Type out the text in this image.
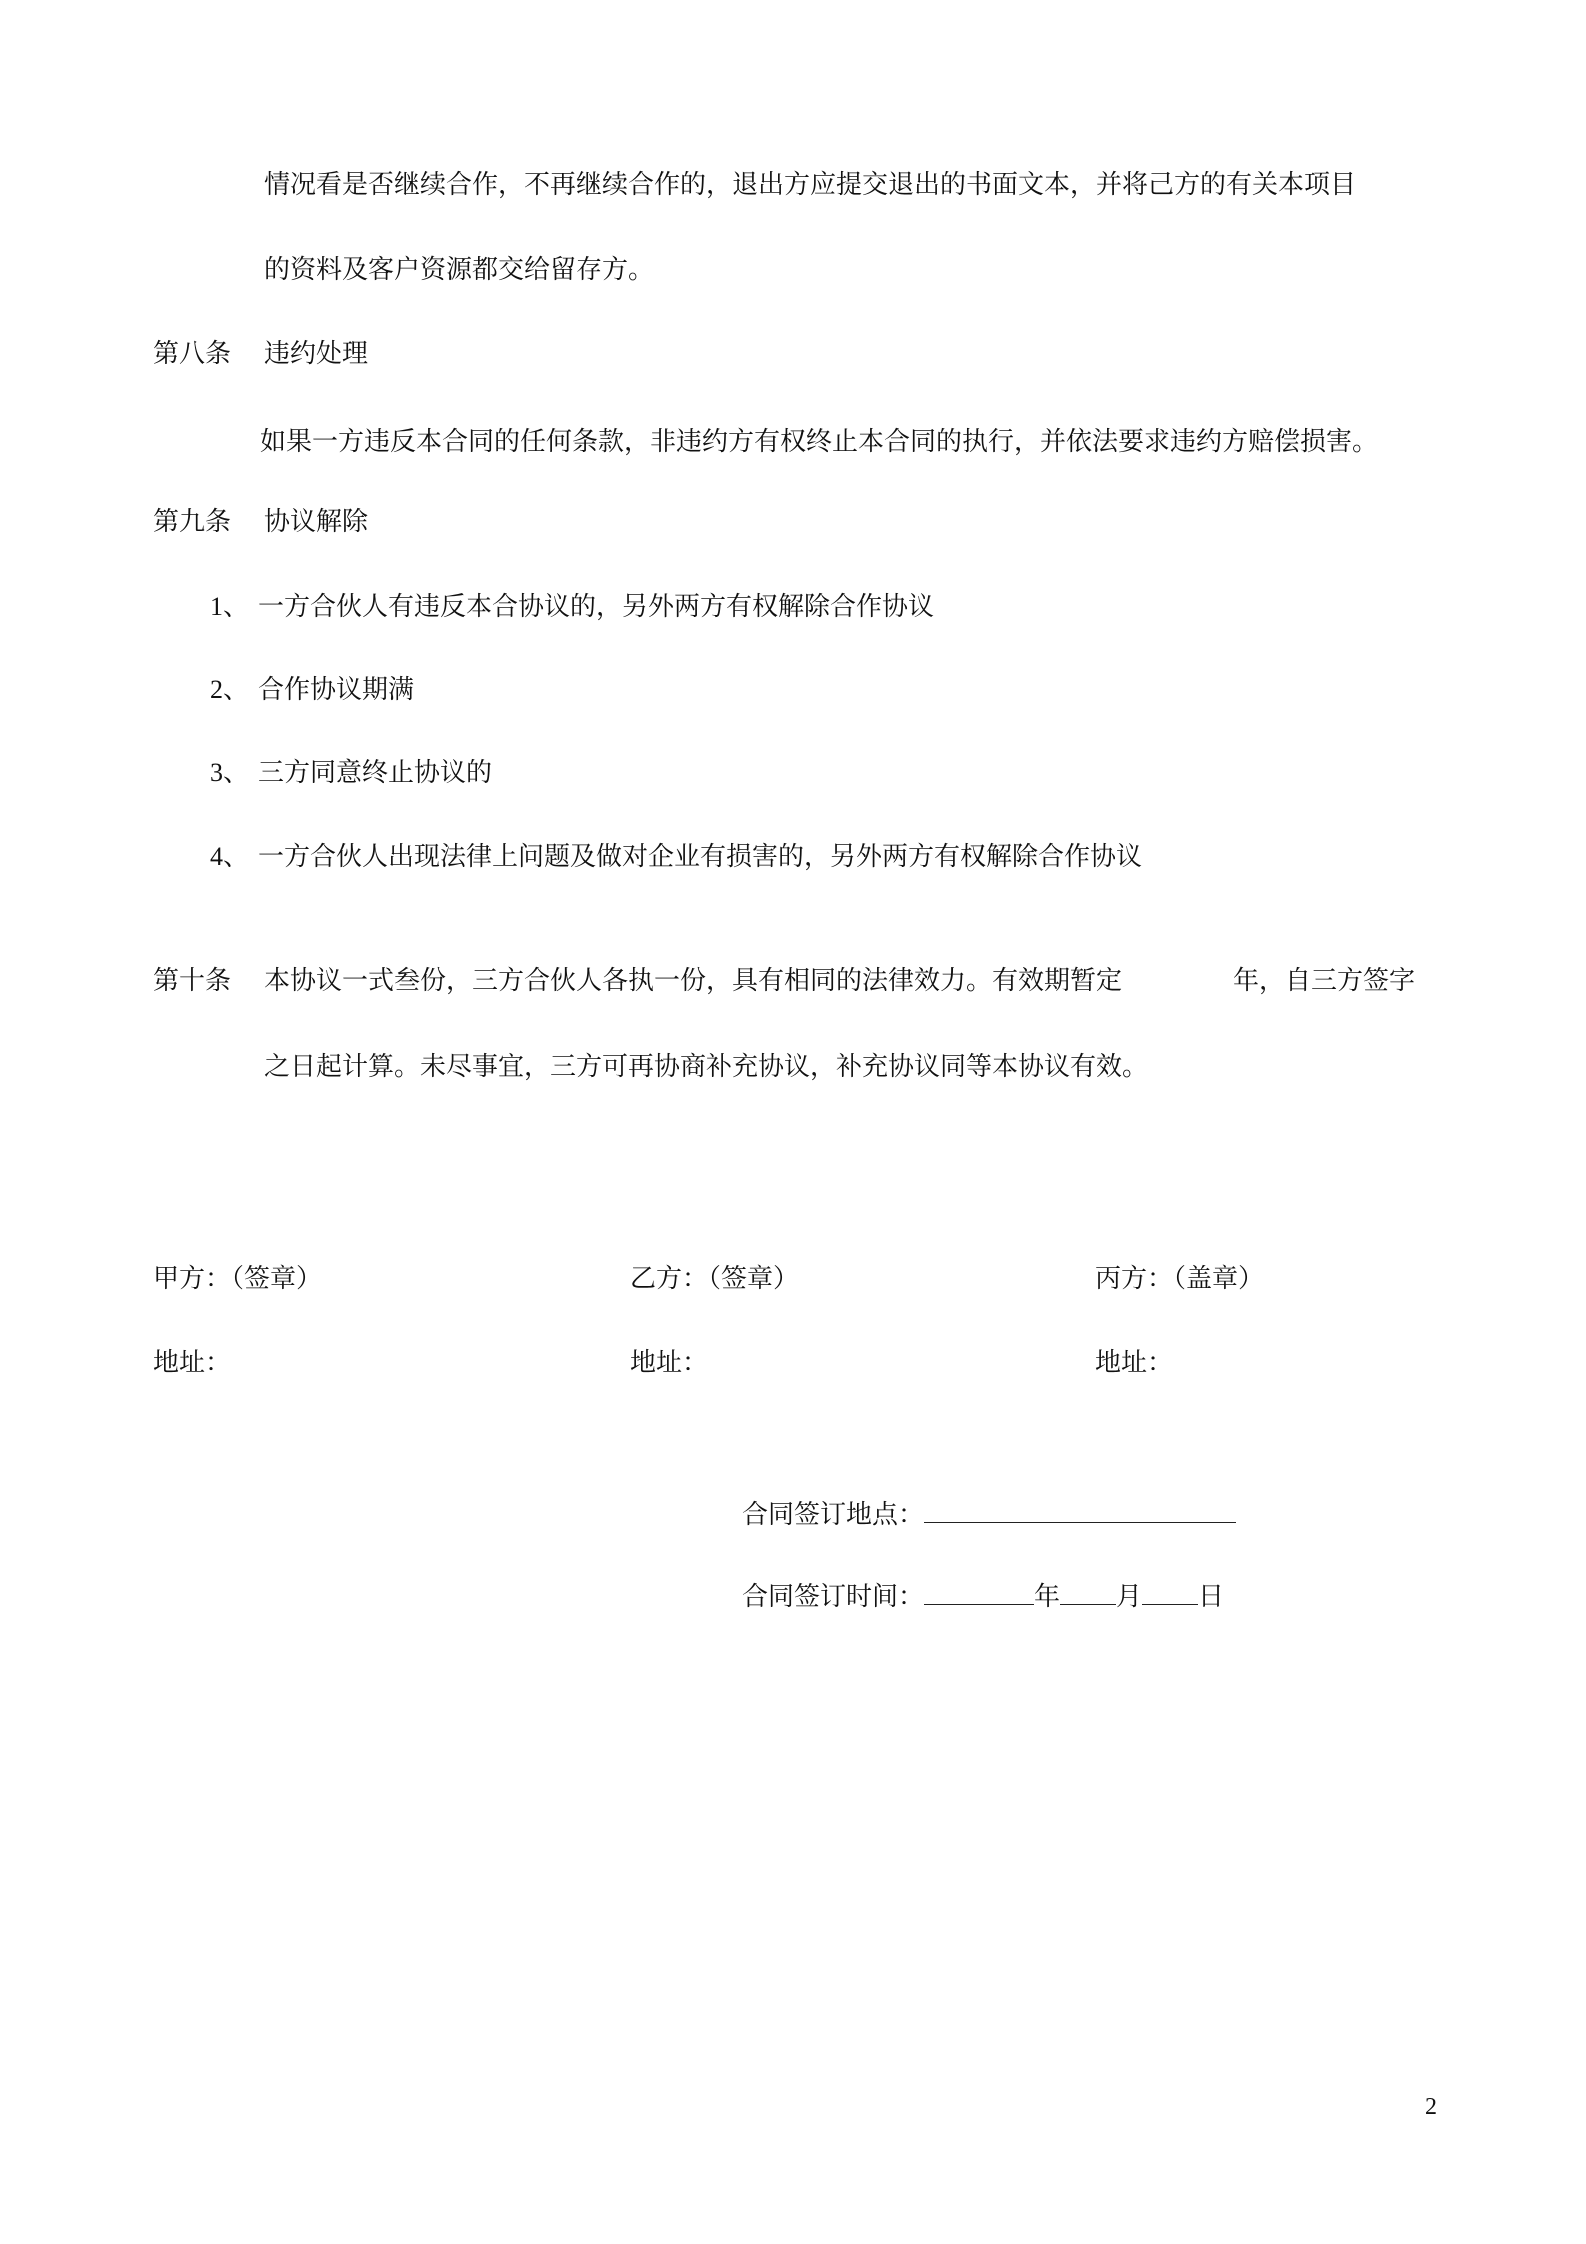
情况看是否继续合作，不再继续合作的，退出方应提交退出的书面文本，并将己方的有关本项目
的资料及客户资源都交给留存方。
第八条 违约处理
如果一方违反本合同的任何条款，非违约方有权终止本合同的执行，并依法要求违约方赔偿损害。
第九条 协议解除
1、 一方合伙人有违反本合协议的，另外两方有权解除合作协议
2、 合作协议期满
3、 三方同意终止协议的
4、 一方合伙人出现法律上问题及做对企业有损害的，另外两方有权解除合作协议
第十条 本协议一式叁份，三方合伙人各执一份，具有相同的法律效力。有效期暂定	年，自三方签字
之日起计算。未尽事宜，三方可再协商补充协议，补充协议同等本协议有效。
甲方：（签章）	乙方：（签章）	丙方：（盖章）
地址：	地址：	地址：
合同签订地点：
合同签订时间：	年 月 日
2
